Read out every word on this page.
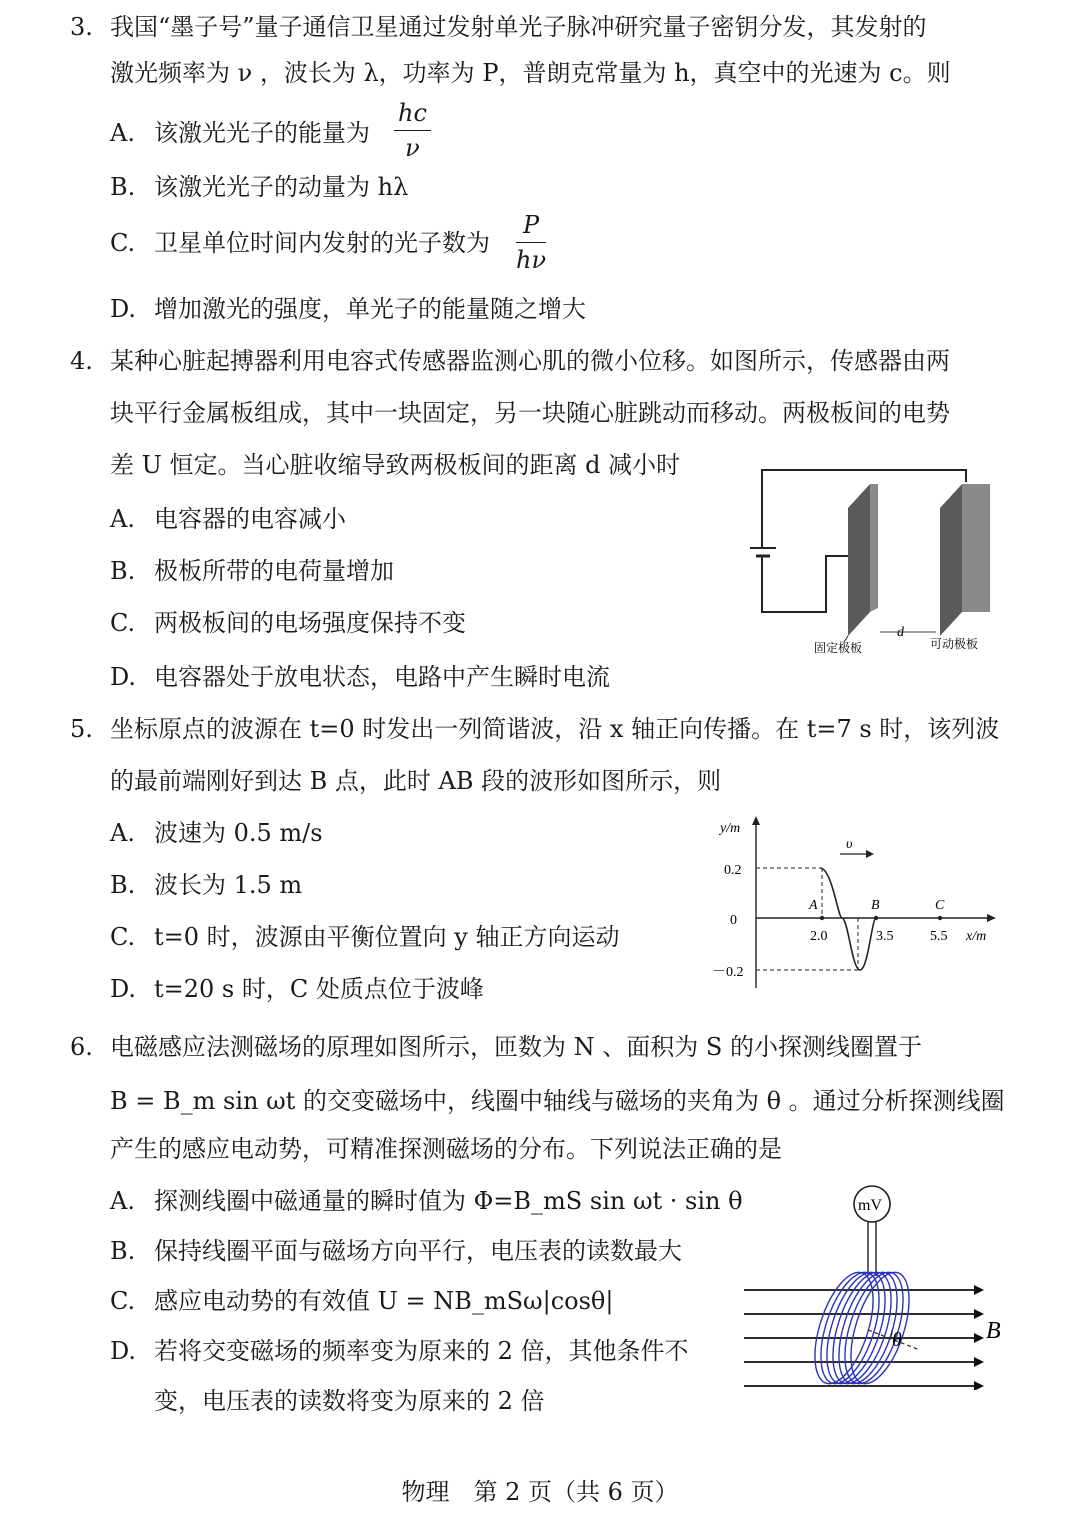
3. 我国“墨子号”量子通信卫星通过发射单光子脉冲研究量子密钥分发，其发射的
激光频率为 ν ，波长为 λ，功率为 P，普朗克常量为 h，真空中的光速为 c。则
A. 该激光光子的能量为 $\frac{hc}{\nu}$
B. 该激光光子的动量为 hλ
C. 卫星单位时间内发射的光子数为 $\frac{P}{h\nu}$
D. 增加激光的强度，单光子的能量随之增大
4. 某种心脏起搏器利用电容式传感器监测心肌的微小位移。如图所示，传感器由两
块平行金属板组成，其中一块固定，另一块随心脏跳动而移动。两极板间的电势
差 U 恒定。当心脏收缩导致两极板间的距离 d 减小时
A. 电容器的电容减小
B. 极板所带的电荷量增加
C. 两极板间的电场强度保持不变
D. 电容器处于放电状态，电路中产生瞬时电流
d
固定极板	可动极板
5. 坐标原点的波源在 t=0 时发出一列简谐波，沿 x 轴正向传播。在 t=7 s 时，该列波
的最前端刚好到达 B 点，此时 AB 段的波形如图所示，则
A. 波速为 0.5 m/s
B. 波长为 1.5 m
C. t=0 时，波源由平衡位置向 y 轴正方向运动
D. t=20 s 时，C 处质点位于波峰
y/m
x/m
0.2
0
－0.2
A	B	C
2.0	3.5	5.5
υ
6. 电磁感应法测磁场的原理如图所示，匝数为 N 、面积为 S 的小探测线圈置于
B = B_m sin ωt 的交变磁场中，线圈中轴线与磁场的夹角为 θ 。通过分析探测线圈
产生的感应电动势，可精准探测磁场的分布。下列说法正确的是
A. 探测线圈中磁通量的瞬时值为 Φ=B_mS sin ωt · sin θ
B. 保持线圈平面与磁场方向平行，电压表的读数最大
C. 感应电动势的有效值 U = NB_mSω|cosθ|
D. 若将交变磁场的频率变为原来的 2 倍，其他条件不
变，电压表的读数将变为原来的 2 倍
mV
θ	B
物理　第 2 页（共 6 页）
